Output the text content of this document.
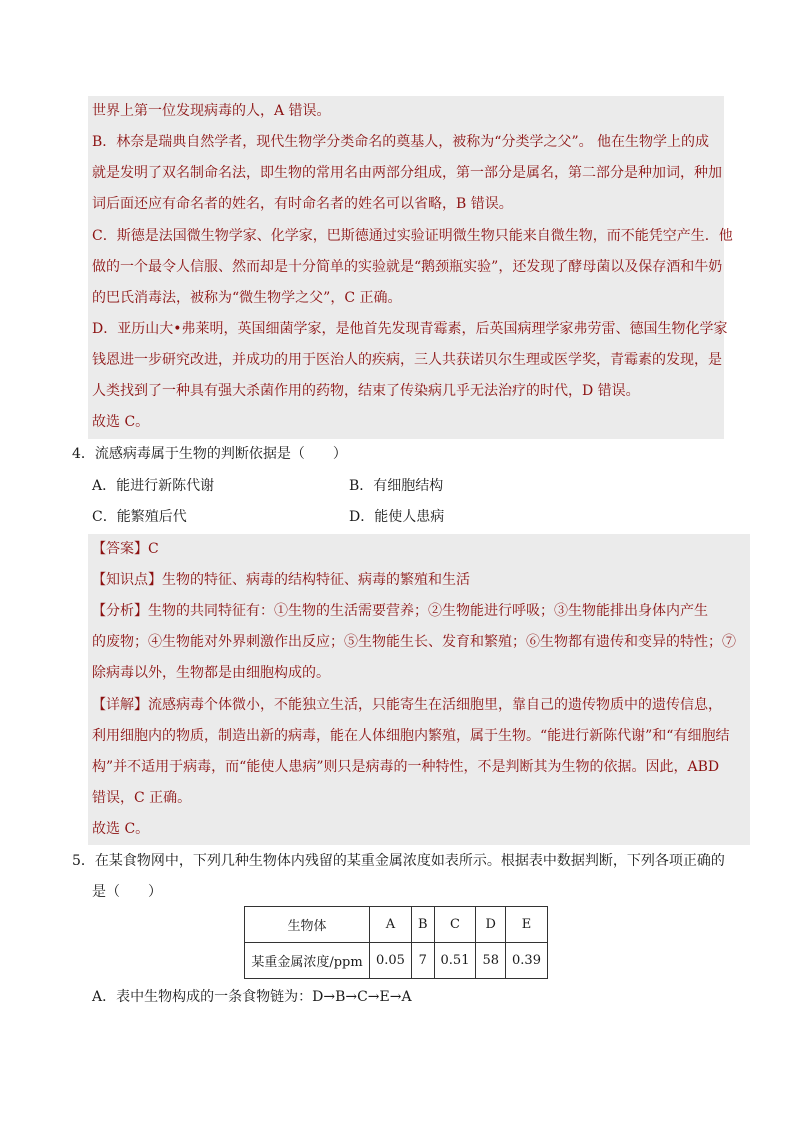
世界上第一位发现病毒的人，A 错误。
B．林奈是瑞典自然学者，现代生物学分类命名的奠基人，被称为“分类学之父”。 他在生物学上的成
就是发明了双名制命名法，即生物的常用名由两部分组成，第一部分是属名，第二部分是种加词，种加
词后面还应有命名者的姓名，有时命名者的姓名可以省略，B 错误。
C．斯德是法国微生物学家、化学家，巴斯德通过实验证明微生物只能来自微生物，而不能凭空产生．他
做的一个最令人信服、然而却是十分简单的实验就是“鹅颈瓶实验”，还发现了酵母菌以及保存酒和牛奶
的巴氏消毒法，被称为“微生物学之父”，C 正确。
D．亚历山大•弗莱明，英国细菌学家，是他首先发现青霉素，后英国病理学家弗劳雷、德国生物化学家
钱恩进一步研究改进，并成功的用于医治人的疾病，三人共获诺贝尔生理或医学奖，青霉素的发现，是
人类找到了一种具有强大杀菌作用的药物，结束了传染病几乎无法治疗的时代，D 错误。
故选 C。
4．流感病毒属于生物的判断依据是（　　）
A．能进行新陈代谢	B．有细胞结构
C．能繁殖后代	D．能使人患病
【答案】C
【知识点】生物的特征、病毒的结构特征、病毒的繁殖和生活
【分析】生物的共同特征有：①生物的生活需要营养；②生物能进行呼吸；③生物能排出身体内产生
的废物；④生物能对外界刺激作出反应；⑤生物能生长、发育和繁殖；⑥生物都有遗传和变异的特性；⑦
除病毒以外，生物都是由细胞构成的。
【详解】流感病毒个体微小，不能独立生活，只能寄生在活细胞里，靠自己的遗传物质中的遗传信息，
利用细胞内的物质，制造出新的病毒，能在人体细胞内繁殖，属于生物。“能进行新陈代谢”和“有细胞结
构”并不适用于病毒，而“能使人患病”则只是病毒的一种特性，不是判断其为生物的依据。因此，ABD
错误，C 正确。
故选 C。
5．在某食物网中，下列几种生物体内残留的某重金属浓度如表所示。根据表中数据判断，下列各项正确的
是（　　）
生物体	A	B	C	D	E
某重金属浓度/ppm	0.05	7	0.51	58	0.39
A．表中生物构成的一条食物链为：D→B→C→E→A
